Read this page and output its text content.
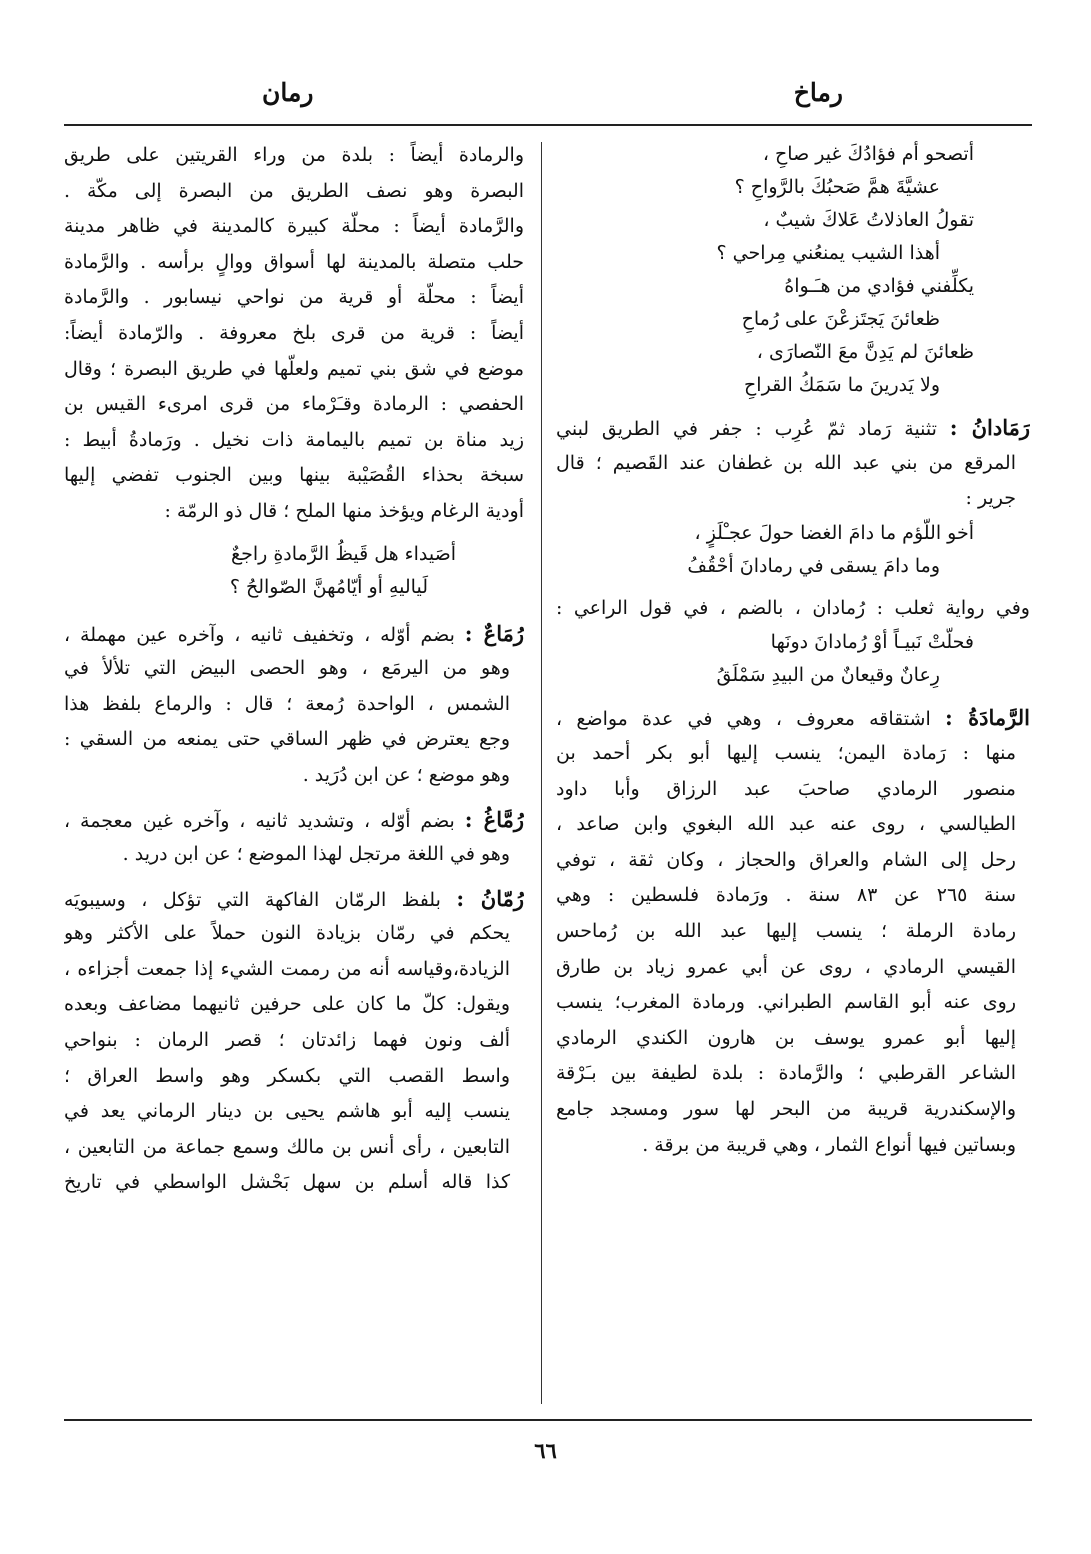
رماخ
رمان
أتصحو أم فؤادُكَ غير صاحِ ،
عشيَّةَ همَّ صَحبُكَ بالرَّواحِ ؟
تقولُ العاذلاتُ عَلاكَ شيبٌ ،
أهذا الشيب يمنعُني مِراحي ؟
يكلِّفني فؤادي من هـَـواهُ
ظعائنَ يَجتَزعْنَ على رُماحِ
ظعائنَ لم يَدِنَّ معَ النّصارَى ،
ولا يَدرينَ ما سَمَكُ القراحِ
رَمَادانُ : تثنية رَماد ثمّ عُرِب : جفر في الطريق لبني
المرقع من بني عبد الله بن غطفان عند القَصيم ؛ قال
جرير :
أخو اللّؤم ما دامَ الغضا حولَ عجـْلَزٍ ،
وما دامَ يسقى في رمادانَ أحْقُفُ
وفي رواية ثعلب : رُمادان ، بالضم ، في قول الراعي :
فحلّتْ نَبيـاً أوْ رُمادانَ دونَها
رِعانٌ وقيعانٌ من البيدِ سَمْلَقُ
الرَّمادَةُ : اشتقاقه معروف ، وهي في عدة مواضع ،
منها : رَمادة اليمن؛ ينسب إليها أبو بكر أحمد بن
منصور الرمادي صاحبَ عبد الرزاق وأبا داود
الطيالسي ، روى عنه عبد الله البغوي وابن صاعد ،
رحل إلى الشام والعراق والحجاز ، وكان ثقة ، توفي
سنة ٢٦٥ عن ٨٣ سنة . ورَمادة فلسطين : وهي
رمادة الرملة ؛ ينسب إليها عبد الله بن رُماحس
القيسي الرمادي ، روى عن أبي عمرو زياد بن طارق
روى عنه أبو القاسم الطبراني. ورمادة المغرب؛ ينسب
إليها أبو عمرو يوسف بن هارون الكندي الرمادي
الشاعر القرطبي ؛ والرَّمادة : بلدة لطيفة بين بـَرْقة
والإسكندرية قريبة من البحر لها سور ومسجد جامع
وبساتين فيها أنواع الثمار ، وهي قريبة من برقة .
والرمادة أيضاً : بلدة من وراء القريتين على طريق
البصرة وهو نصف الطريق من البصرة إلى مكّة .
والرَّمادة أيضاً : محلّة كبيرة كالمدينة في ظاهر مدينة
حلب متصلة بالمدينة لها أسواق ووالٍ برأسه . والرَّمادة
أيضاً : محلّة أو قرية من نواحي نيسابور . والرَّمادة
أيضاً : قرية من قرى بلخ معروفة . والرّمادة أيضاً:
موضع في شق بني تميم ولعلّها في طريق البصرة ؛ وقال
الحفصي : الرمادة وقـَرْماء من قرى امرىء القيس بن
زيد مناة بن تميم باليمامة ذات نخيل . ورَمادةُ أبيط :
سبخة بحذاء القُصَيْبة بينها وبين الجنوب تفضي إليها
أودية الرغام ويؤخذ منها الملح ؛ قال ذو الرمّة :
أصَيداء هل قَيظُ الرَّمادةِ راجعٌ
لَياليهِ أو أيّامُهنَّ الصّوالحُ ؟
رُمَاعٌ : بضم أوّله ، وتخفيف ثانيه ، وآخره عين مهملة ،
وهو من اليرمَع ، وهو الحصى البيض التي تلألأ في
الشمس ، الواحدة رُمعة ؛ قال : والرماع بلفظ هذا
وجع يعترض في ظهر الساقي حتى يمنعه من السقي :
وهو موضع ؛ عن ابن دُرَيد .
رُمَّاغُ : بضم أوّله ، وتشديد ثانيه ، وآخره غين معجمة ،
وهو في اللغة مرتجل لهذا الموضع ؛ عن ابن دريد .
رُمّانُ : بلفظ الرمّان الفاكهة التي تؤكل ، وسيبويَه
يحكم في رمّان بزيادة النون حملاً على الأكثر وهو
الزيادة،وقياسه أنه من رممت الشيء إذا جمعت أجزاءه ،
ويقول: كلّ ما كان على حرفين ثانيهما مضاعف وبعده
ألف ونون فهما زائدتان ؛ قصر الرمان : بنواحي
واسط القصب التي بكسكر وهو واسط العراق ؛
ينسب إليه أبو هاشم يحيى بن دينار الرماني يعد في
التابعين ، رأى أنس بن مالك وسمع جماعة من التابعين ،
كذا قاله أسلم بن سهل بَحْشل الواسطي في تاريخ
٦٦
